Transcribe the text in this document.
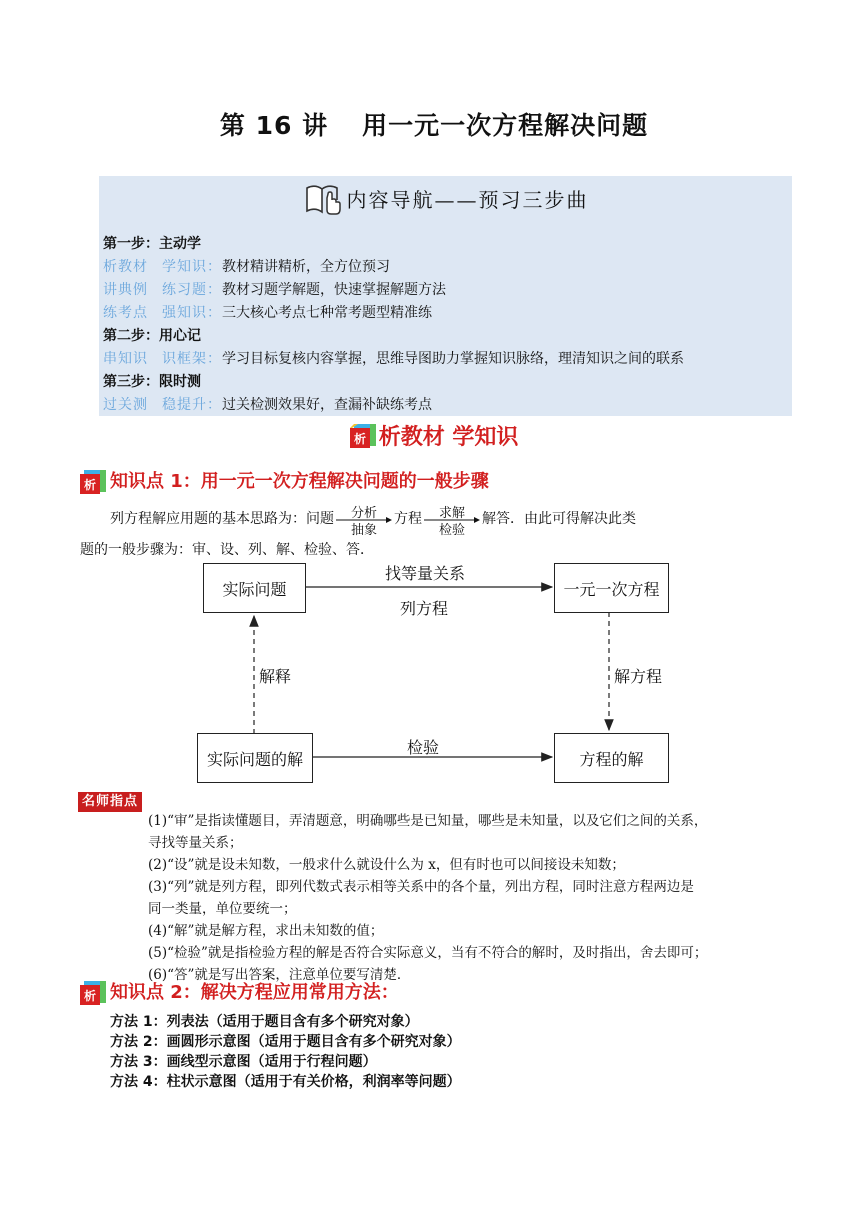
第 16 讲 用一元一次方程解决问题
内容导航——预习三步曲
第一步：主动学
析教材 学知识：教材精讲精析，全方位预习
讲典例 练习题：教材习题学解题，快速掌握解题方法
练考点 强知识：三大核心考点七种常考题型精准练
第二步：用心记
串知识 识框架：学习目标复核内容掌握，思维导图助力掌握知识脉络，理清知识之间的联系
第三步：限时测
过关测 稳提升：过关检测效果好，查漏补缺练考点
析 析教材 学知识
析 知识点 1：用一元一次方程解决问题的一般步骤
列方程解应用题的基本思路为：问题	分析
抽象
方程	求解
检验
解答．由此可得解决此类
题的一般步骤为：审、设、列、解、检验、答．
实际问题	一元一次方程
实际问题的解	方程的解
找等量关系
列方程
解释	解方程
检验
名师指点
(1)“审”是指读懂题目，弄清题意，明确哪些是已知量，哪些是未知量，以及它们之间的关系，
寻找等量关系；
(2)“设”就是设未知数，一般求什么就设什么为 x，但有时也可以间接设未知数；
(3)“列”就是列方程，即列代数式表示相等关系中的各个量，列出方程，同时注意方程两边是
同一类量，单位要统一；
(4)“解”就是解方程，求出未知数的值；
(5)“检验”就是指检验方程的解是否符合实际意义，当有不符合的解时，及时指出，舍去即可；
(6)“答”就是写出答案，注意单位要写清楚．
析 知识点 2：解决方程应用常用方法：
方法 1：列表法（适用于题目含有多个研究对象）
方法 2：画圆形示意图（适用于题目含有多个研究对象）
方法 3：画线型示意图（适用于行程问题）
方法 4：柱状示意图（适用于有关价格，利润率等问题）
